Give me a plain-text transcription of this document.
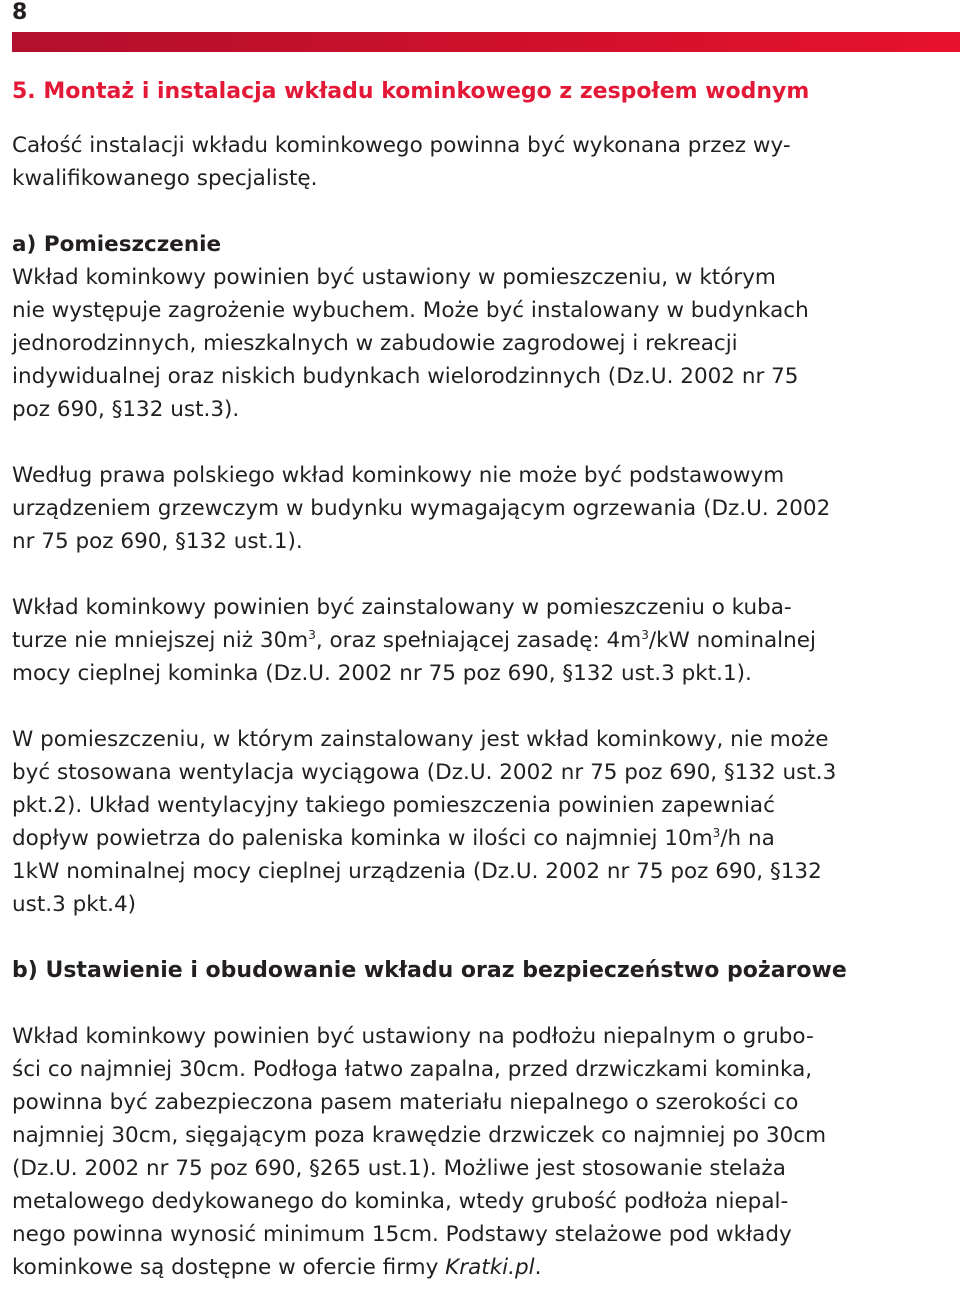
8
5. Montaż i instalacja wkładu kominkowego z zespołem wodnym

Całość instalacji wkładu kominkowego powinna być wykonana przez wy-
kwalifikowanego specjalistę.

a) Pomieszczenie

Wkład kominkowy powinien być ustawiony w pomieszczeniu, w którym
nie występuje zagrożenie wybuchem. Może być instalowany w budynkach
jednorodzinnych, mieszkalnych w zabudowie zagrodowej i rekreacji
indywidualnej oraz niskich budynkach wielorodzinnych (Dz.U. 2002 nr 75
poz 690, §132 ust.3).

Według prawa polskiego wkład kominkowy nie może być podstawowym
urządzeniem grzewczym w budynku wymagającym ogrzewania (Dz.U. 2002
nr 75 poz 690, §132 ust.1).

Wkład kominkowy powinien być zainstalowany w pomieszczeniu o kuba-
turze nie mniejszej niż $30m^3$, oraz spełniającej zasadę: $4m^3/kW$ nominalnej
mocy cieplnej kominka (Dz.U. 2002 nr 75 poz 690, §132 ust.3 pkt.1).

W pomieszczeniu, w którym zainstalowany jest wkład kominkowy, nie może
być stosowana wentylacja wyciągowa (Dz.U. 2002 nr 75 poz 690, §132 ust.3
pkt.2). Układ wentylacyjny takiego pomieszczenia powinien zapewniać
dopływ powietrza do paleniska kominka w ilości co najmniej $10m^3/h$ na
1kW nominalnej mocy cieplnej urządzenia (Dz.U. 2002 nr 75 poz 690, §132
ust.3 pkt.4)

b) Ustawienie i obudowanie wkładu oraz bezpieczeństwo pożarowe

Wkład kominkowy powinien być ustawiony na podłożu niepalnym o grubo-
ści co najmniej 30cm. Podłoga łatwo zapalna, przed drzwiczkami kominka,
powinna być zabezpieczona pasem materiału niepalnego o szerokości co
najmniej 30cm, sięgającym poza krawędzie drzwiczek co najmniej po 30cm
(Dz.U. 2002 nr 75 poz 690, §265 ust.1). Możliwe jest stosowanie stelaża
metalowego dedykowanego do kominka, wtedy grubość podłoża niepal-
nego powinna wynosić minimum 15cm. Podstawy stelażowe pod wkłady
kominkowe są dostępne w ofercie firmy Kratki.pl.
